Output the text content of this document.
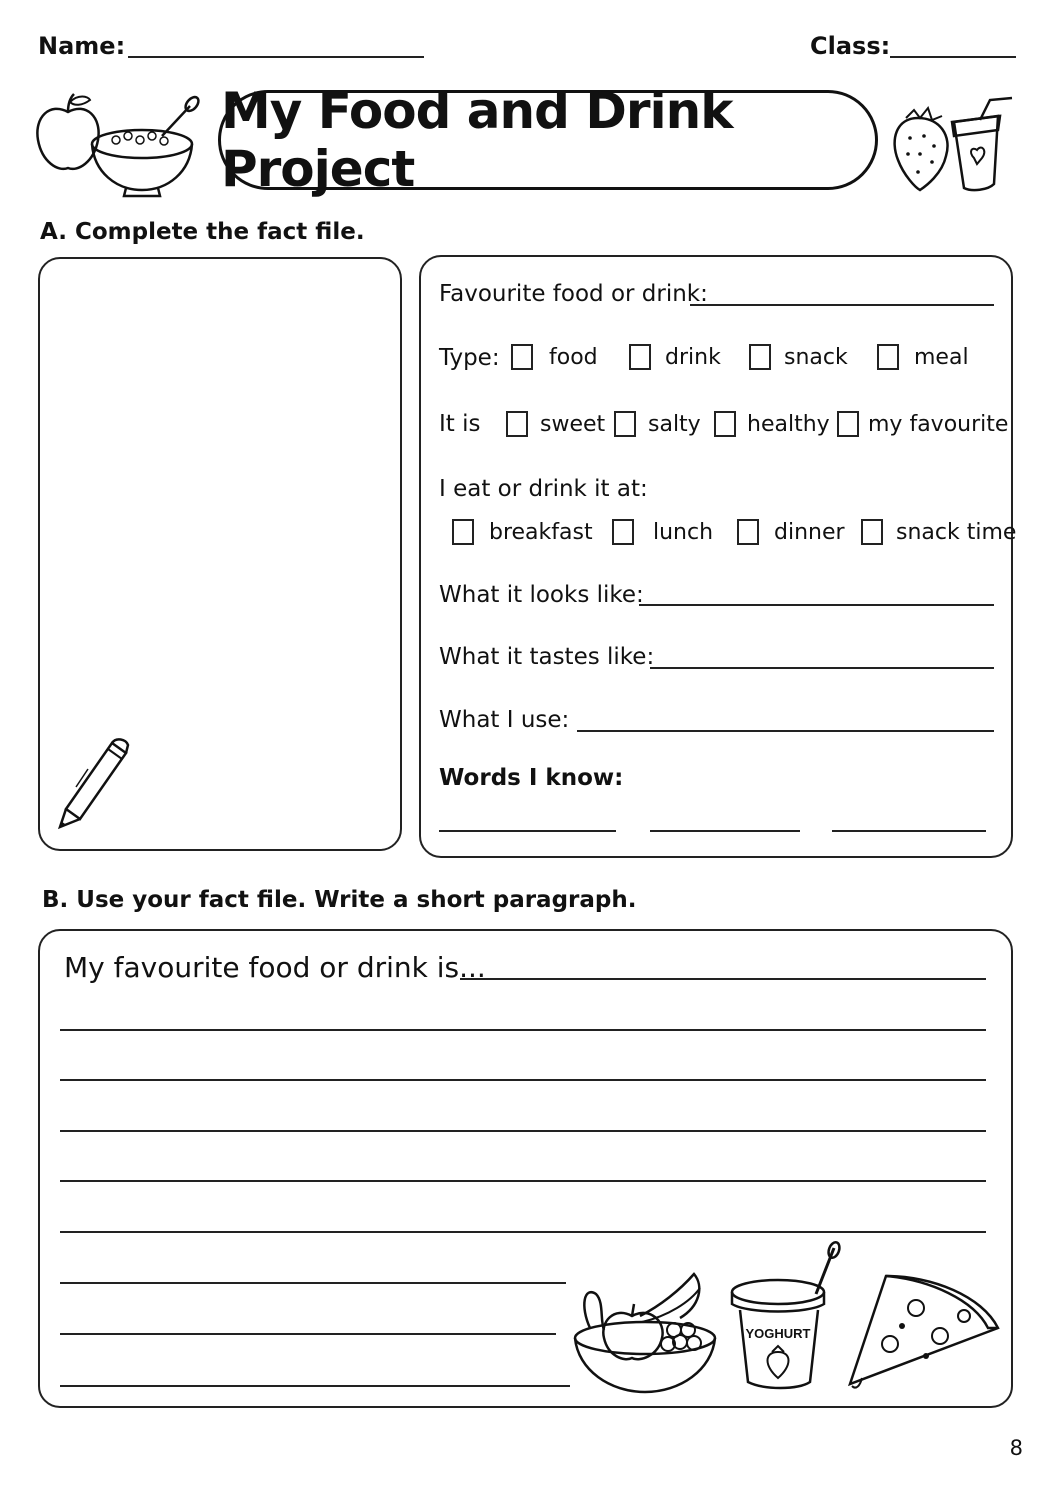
Name:	Class:
My Food and Drink Project
A. Complete the fact file.
Favourite food or drink:
Type: food	drink	snack	meal
It is	sweet salty healthy my favourite
I eat or drink it at:
breakfast	lunch	dinner snack time
What it looks like:
What it tastes like:
What I use:
Words I know:
B. Use your fact file. Write a short paragraph.
My favourite food or drink is...
YOGHURT
8
